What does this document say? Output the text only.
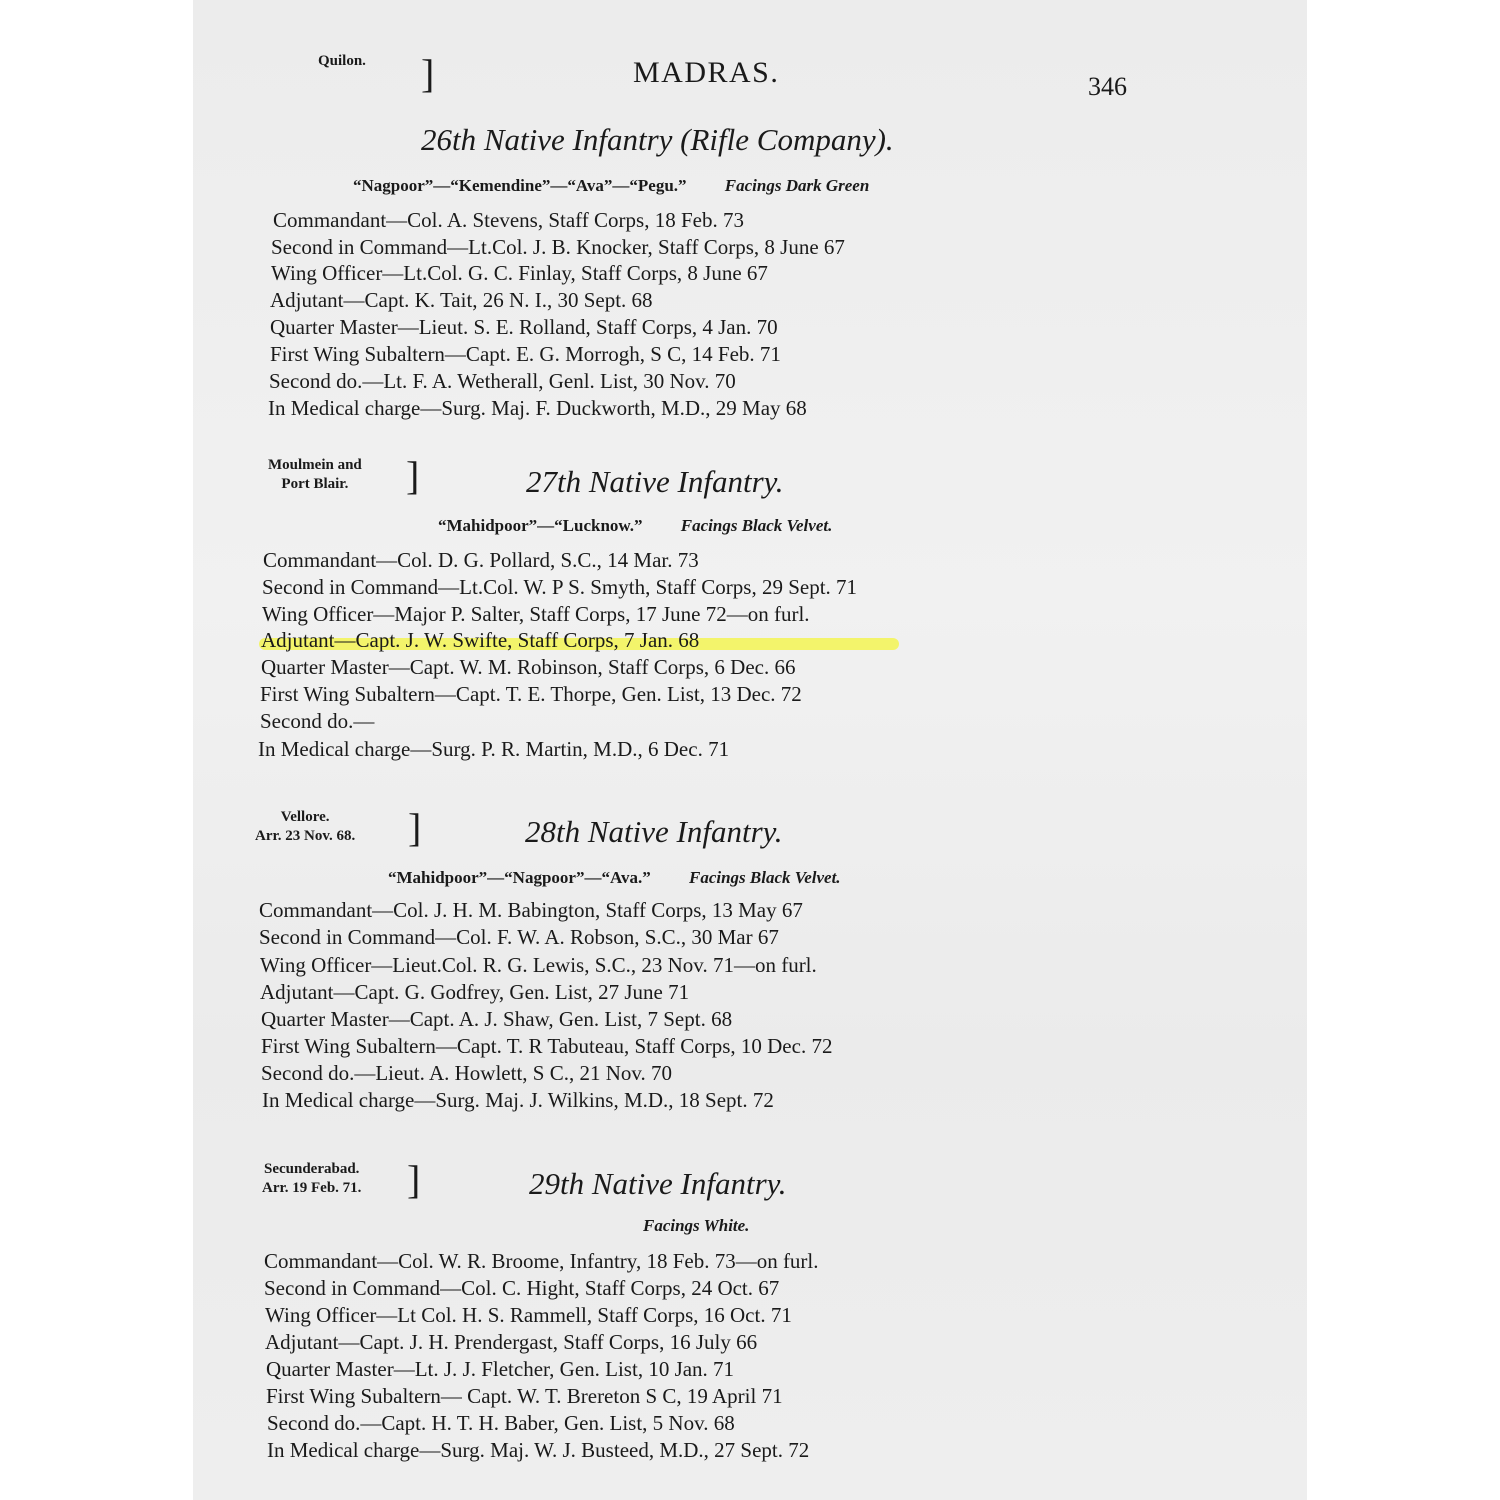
Quilon. ]	MADRAS.	346
26th Native Infantry (Rifle Company).
“Nagpoor”—“Kemendine”—“Ava”—“Pegu.” Facings Dark Green
Commandant—Col. A. Stevens, Staff Corps, 18 Feb. 73
Second in Command—Lt.Col. J. B. Knocker, Staff Corps, 8 June 67
Wing Officer—Lt.Col. G. C. Finlay, Staff Corps, 8 June 67
Adjutant—Capt. K. Tait, 26 N. I., 30 Sept. 68
Quarter Master—Lieut. S. E. Rolland, Staff Corps, 4 Jan. 70
First Wing Subaltern—Capt. E. G. Morrogh, S C, 14 Feb. 71
Second do.—Lt. F. A. Wetherall, Genl. List, 30 Nov. 70
In Medical charge—Surg. Maj. F. Duckworth, M.D., 29 May 68
Moulmein and
Port Blair.	]	27th Native Infantry.
“Mahidpoor”—“Lucknow.” Facings Black Velvet.
Commandant—Col. D. G. Pollard, S.C., 14 Mar. 73
Second in Command—Lt.Col. W. P S. Smyth, Staff Corps, 29 Sept. 71
Wing Officer—Major P. Salter, Staff Corps, 17 June 72—on furl.
Adjutant—Capt. J. W. Swifte, Staff Corps, 7 Jan. 68
Quarter Master—Capt. W. M. Robinson, Staff Corps, 6 Dec. 66
First Wing Subaltern—Capt. T. E. Thorpe, Gen. List, 13 Dec. 72
Second do.—
In Medical charge—Surg. P. R. Martin, M.D., 6 Dec. 71
Vellore.
Arr. 23 Nov. 68. ]	28th Native Infantry.
“Mahidpoor”—“Nagpoor”—“Ava.” Facings Black Velvet.
Commandant—Col. J. H. M. Babington, Staff Corps, 13 May 67
Second in Command—Col. F. W. A. Robson, S.C., 30 Mar 67
Wing Officer—Lieut.Col. R. G. Lewis, S.C., 23 Nov. 71—on furl.
Adjutant—Capt. G. Godfrey, Gen. List, 27 June 71
Quarter Master—Capt. A. J. Shaw, Gen. List, 7 Sept. 68
First Wing Subaltern—Capt. T. R Tabuteau, Staff Corps, 10 Dec. 72
Second do.—Lieut. A. Howlett, S C., 21 Nov. 70
In Medical charge—Surg. Maj. J. Wilkins, M.D., 18 Sept. 72
Secunderabad.
Arr. 19 Feb. 71. ]	29th Native Infantry.
Facings White.
Commandant—Col. W. R. Broome, Infantry, 18 Feb. 73—on furl.
Second in Command—Col. C. Hight, Staff Corps, 24 Oct. 67
Wing Officer—Lt Col. H. S. Rammell, Staff Corps, 16 Oct. 71
Adjutant—Capt. J. H. Prendergast, Staff Corps, 16 July 66
Quarter Master—Lt. J. J. Fletcher, Gen. List, 10 Jan. 71
First Wing Subaltern— Capt. W. T. Brereton S C, 19 April 71
Second do.—Capt. H. T. H. Baber, Gen. List, 5 Nov. 68
In Medical charge—Surg. Maj. W. J. Busteed, M.D., 27 Sept. 72
